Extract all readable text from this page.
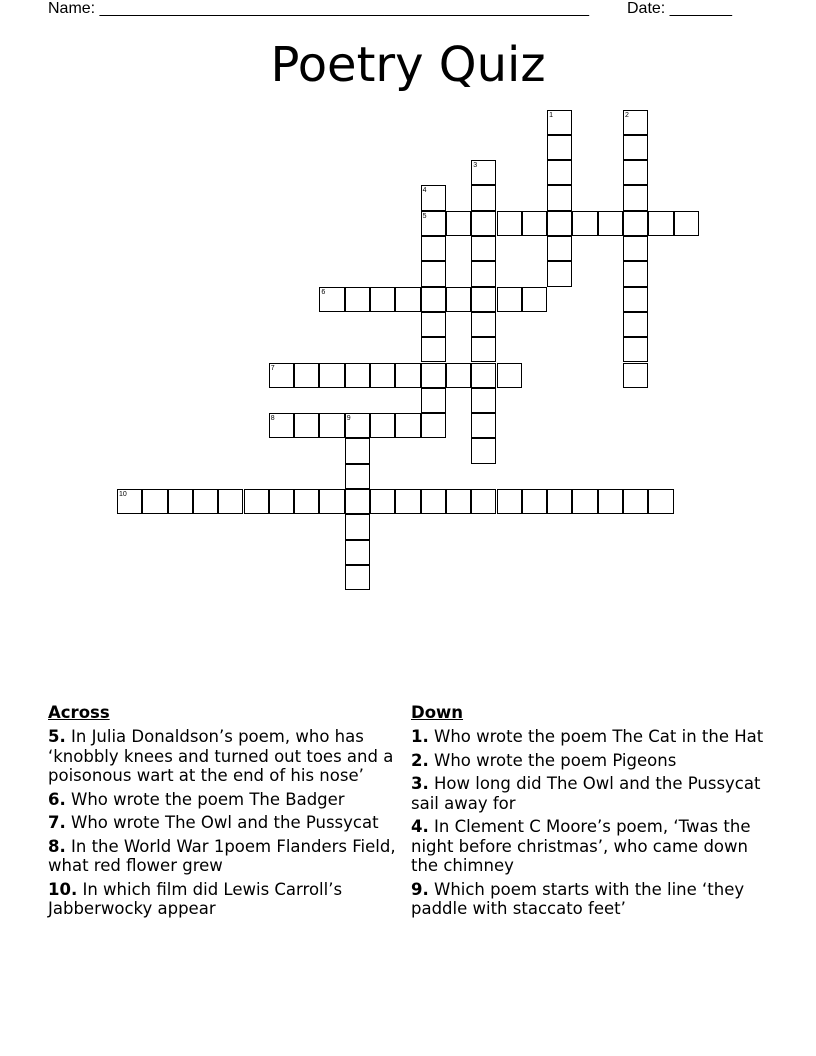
Name: _______________________________________________________ Date: _______
Poetry Quiz
1	2
3
4
5
6
7
8	9
10
Across
5. In Julia Donaldson’s poem, who has ‘knobbly knees and turned out toes and a poisonous wart at the end of his nose’
6. Who wrote the poem The Badger
7. Who wrote The Owl and the Pussycat
8. In the World War 1poem Flanders Field, what red flower grew
10. In which film did Lewis Carroll’s Jabberwocky appear
Down
1. Who wrote the poem The Cat in the Hat
2. Who wrote the poem Pigeons
3. How long did The Owl and the Pussycat sail away for
4. In Clement C Moore’s poem, ‘Twas the night before christmas’, who came down the chimney
9. Which poem starts with the line ‘they paddle with staccato feet’
